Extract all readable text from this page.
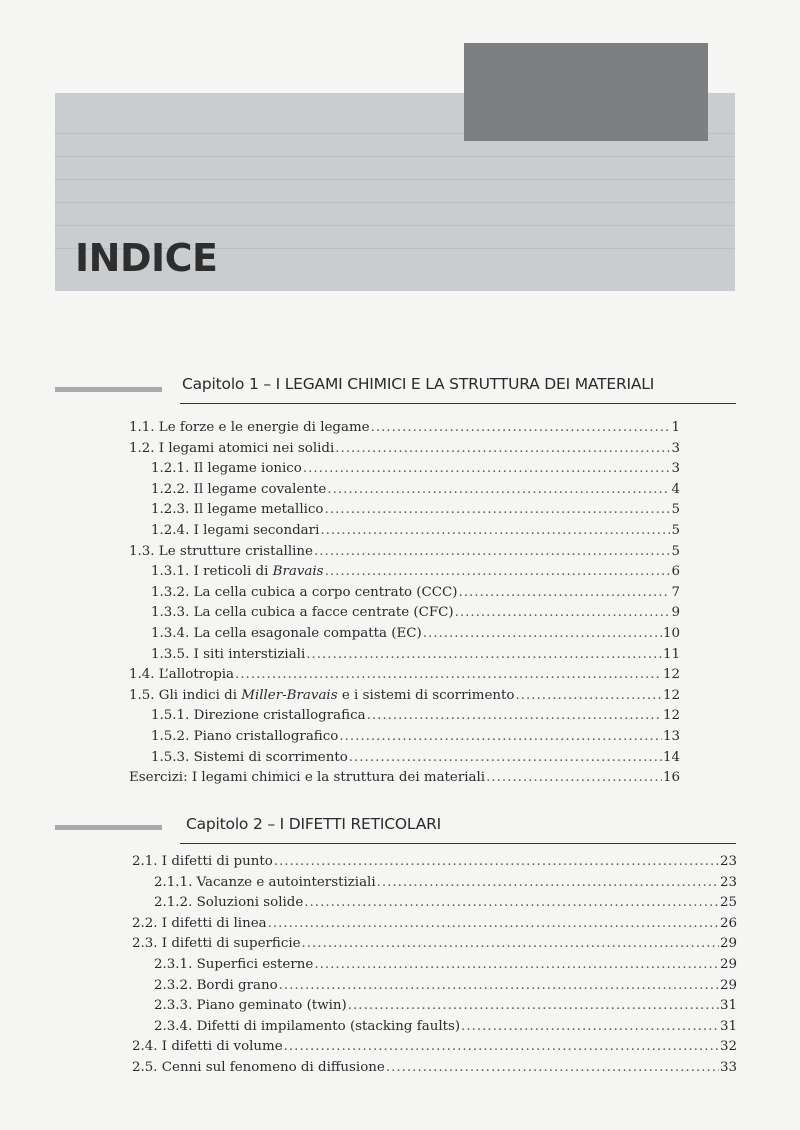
INDICE
Capitolo 1 – I LEGAMI CHIMICI E LA STRUTTURA DEI MATERIALI
1.1. Le forze e le energie di legame .....	1
1.2. I legami atomici nei solidi .....	3
1.2.1. Il legame ionico .....	3
1.2.2. Il legame covalente .....	4
1.2.3. Il legame metallico .....	5
1.2.4. I legami secondari .....	5
1.3. Le strutture cristalline .....	5
1.3.1. I reticoli di Bravais .....	6
1.3.2. La cella cubica a corpo centrato (CCC) .....	7
1.3.3. La cella cubica a facce centrate (CFC) .....	9
1.3.4. La cella esagonale compatta (EC) .....	10
1.3.5. I siti interstiziali .....	11
1.4. L’allotropia .....	12
1.5. Gli indici di Miller-Bravais e i sistemi di scorrimento .....	12
1.5.1. Direzione cristallografica .....	12
1.5.2. Piano cristallografico .....	13
1.5.3. Sistemi di scorrimento .....	14
Esercizi: I legami chimici e la struttura dei materiali .....	16
Capitolo 2 – I DIFETTI RETICOLARI
2.1. I difetti di punto .....	23
2.1.1. Vacanze e autointerstiziali .....	23
2.1.2. Soluzioni solide .....	25
2.2. I difetti di linea .....	26
2.3. I difetti di superficie .....	29
2.3.1. Superfici esterne .....	29
2.3.2. Bordi grano .....	29
2.3.3. Piano geminato (twin) .....	31
2.3.4. Difetti di impilamento (stacking faults) .....	31
2.4. I difetti di volume .....	32
2.5. Cenni sul fenomeno di diffusione .....	33
